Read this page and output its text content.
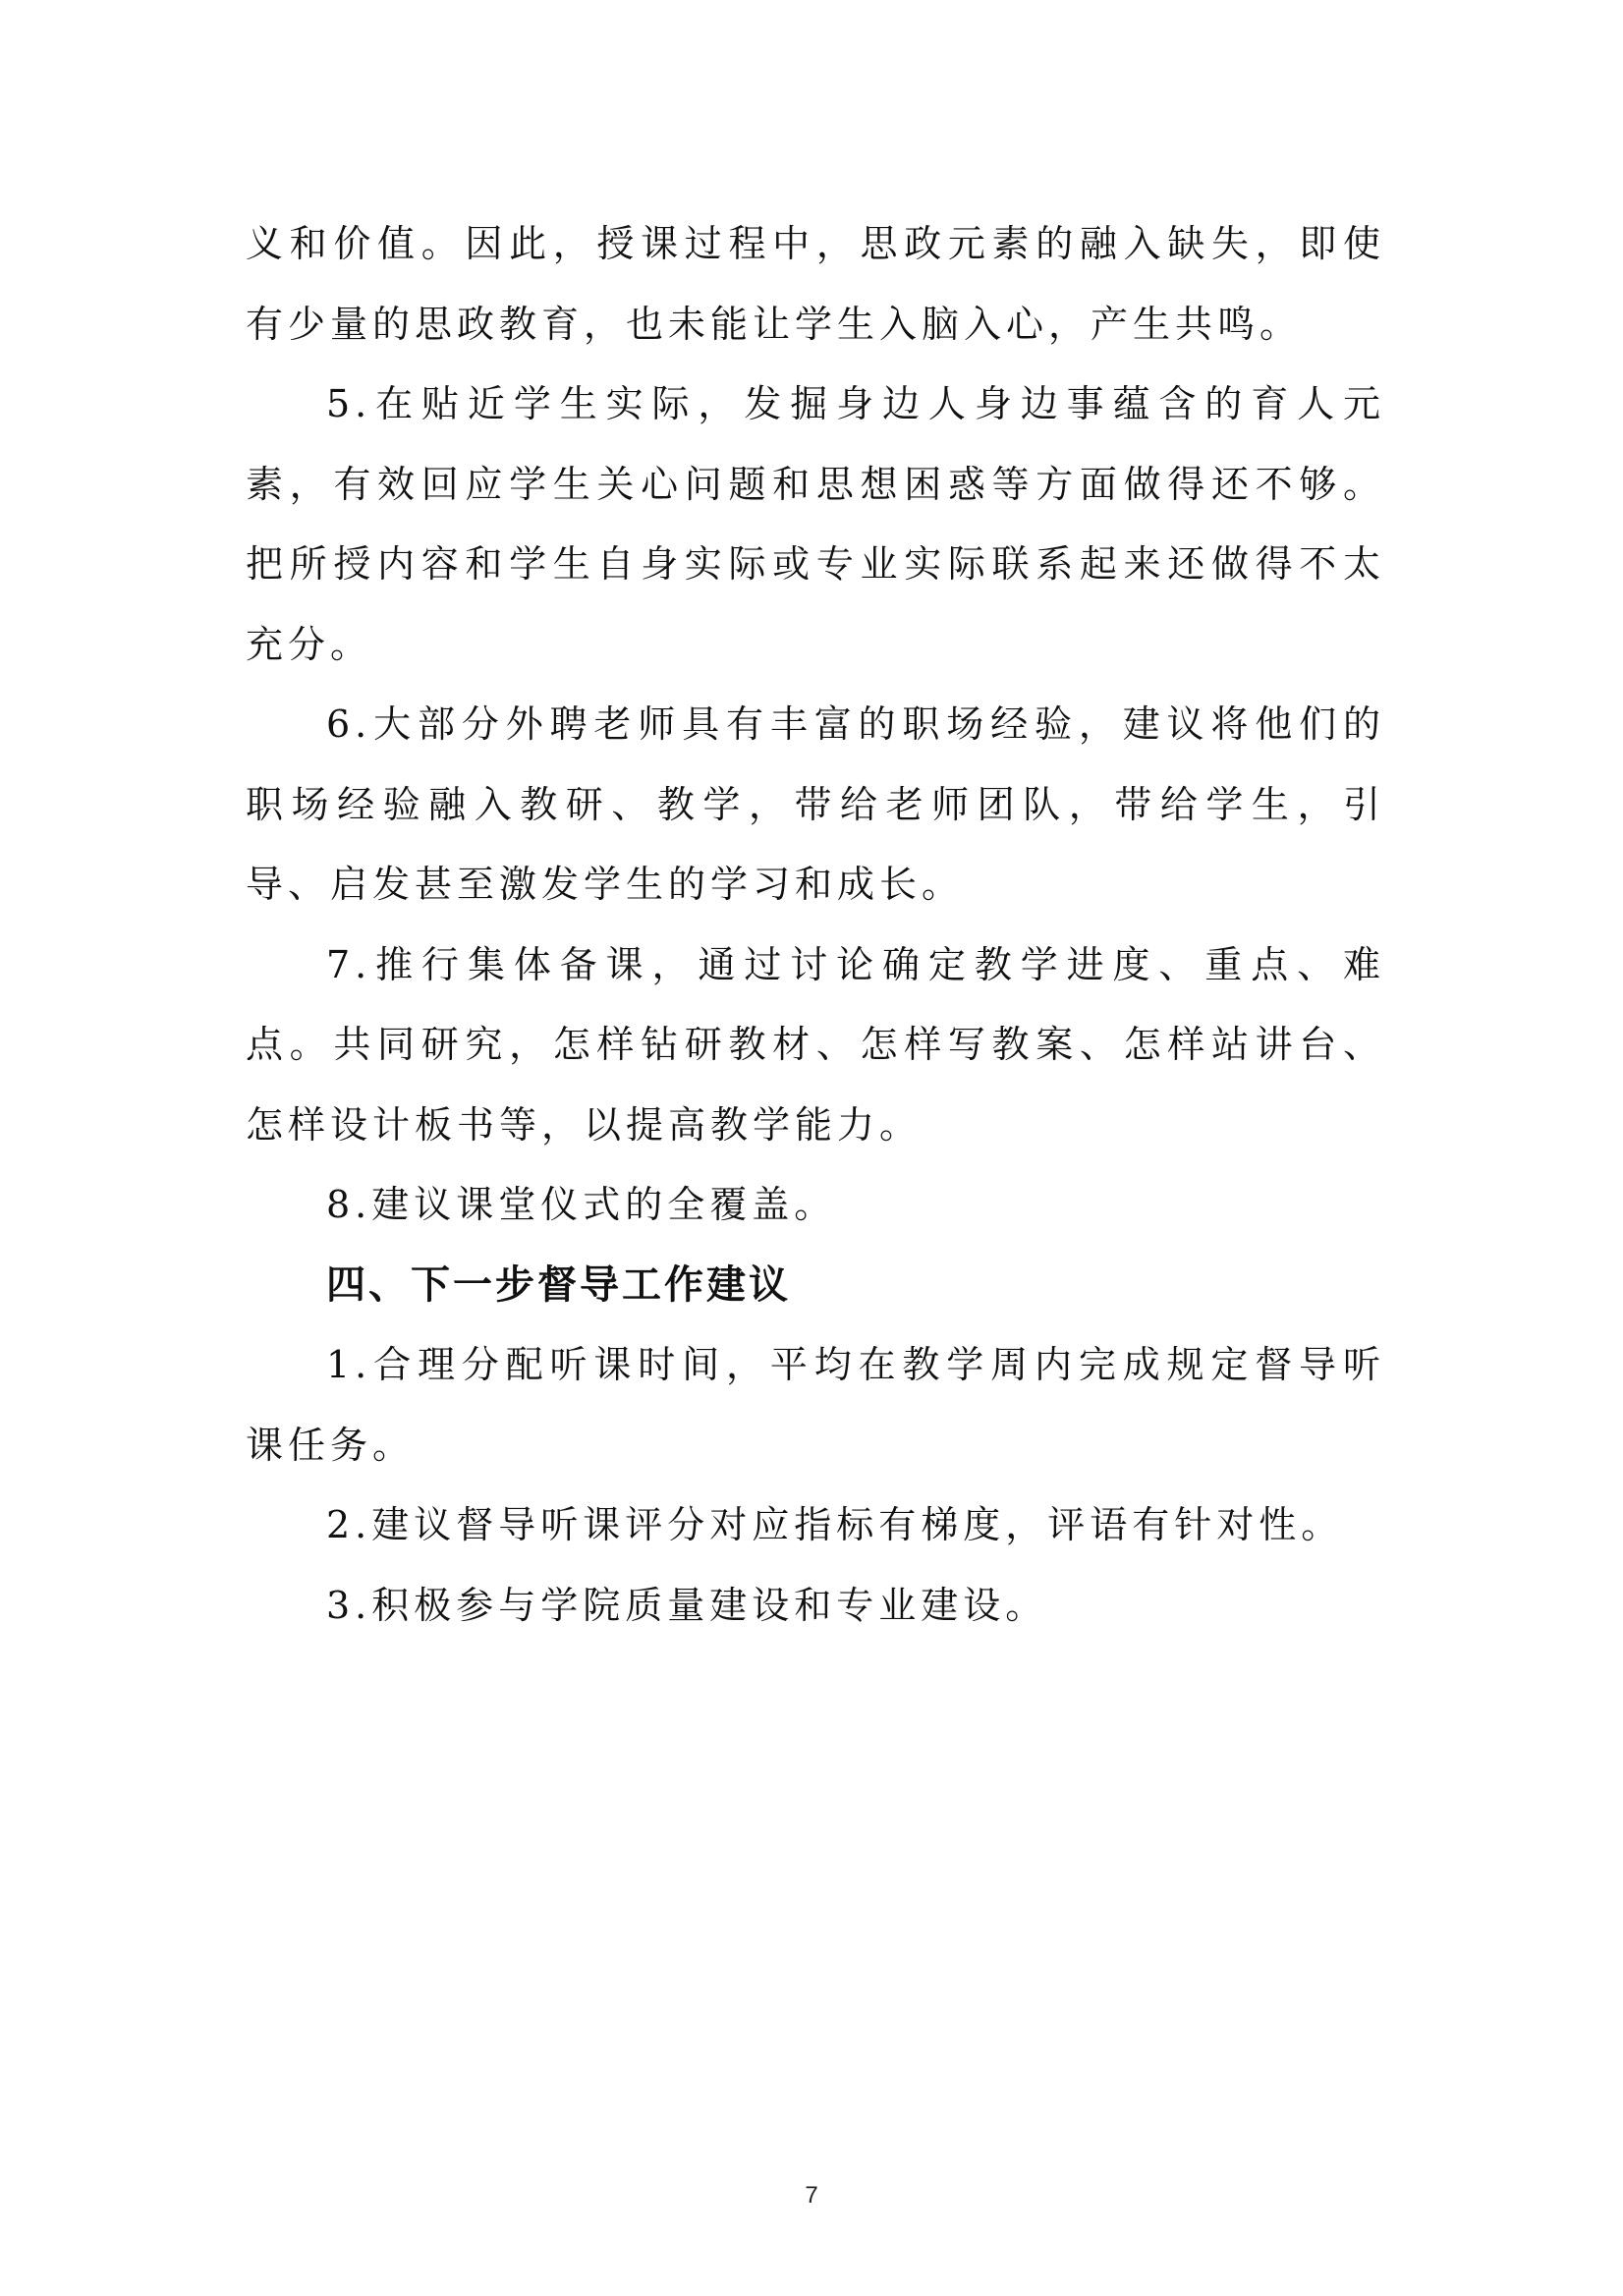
义和价值。因此，授课过程中，思政元素的融入缺失，即使有少量的思政教育，也未能让学生入脑入心，产生共鸣。

5.在贴近学生实际，发掘身边人身边事蕴含的育人元素，有效回应学生关心问题和思想困惑等方面做得还不够。把所授内容和学生自身实际或专业实际联系起来还做得不太充分。

6.大部分外聘老师具有丰富的职场经验，建议将他们的职场经验融入教研、教学，带给老师团队，带给学生，引导、启发甚至激发学生的学习和成长。

7.推行集体备课，通过讨论确定教学进度、重点、难点。共同研究，怎样钻研教材、怎样写教案、怎样站讲台、怎样设计板书等，以提高教学能力。

8.建议课堂仪式的全覆盖。

四、下一步督导工作建议

1.合理分配听课时间，平均在教学周内完成规定督导听课任务。

2.建议督导听课评分对应指标有梯度，评语有针对性。

3.积极参与学院质量建设和专业建设。

7
